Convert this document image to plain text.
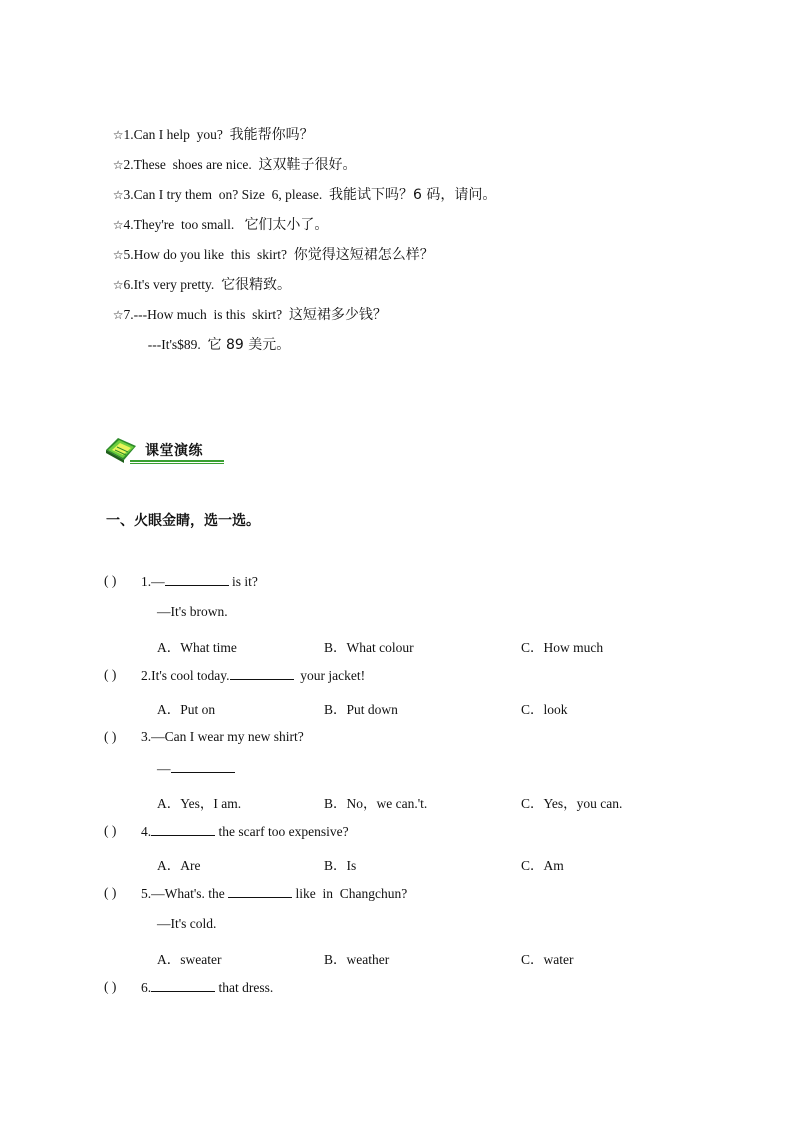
☆1.Can I help  you?  我能帮你吗？

☆2.These  shoes are nice.  这双鞋子很好。

☆3.Can I try them  on? Size  6, please.  我能试下吗？6 码，请问。

☆4.They're  too small.   它们太小了。

☆5.How do you like  this  skirt?  你觉得这短裙怎么样？

☆6.It's very pretty.  它很精致。

☆7.---How much  is this  skirt?  这短裙多少钱？

---It's$89.  它 89 美元。

课堂演练
一、火眼金睛，选一选。
( ) 1.—	is it?
—It's brown.
A．What time	B．What colour	C．How much
( ) 2.It's cool today.	your jacket!
A．Put on	B．Put down	C．look
( ) 3.—Can I wear my new shirt?
—
A．Yes，I am.	B．No，we can.'t.	C．Yes，you can.
( ) 4.	the scarf too expensive?
A．Are	B．Is	C．Am
( ) 5.—What's. the	like  in  Changchun?
—It's cold.
A．sweater	B．weather	C．water
( ) 6.	that dress.
